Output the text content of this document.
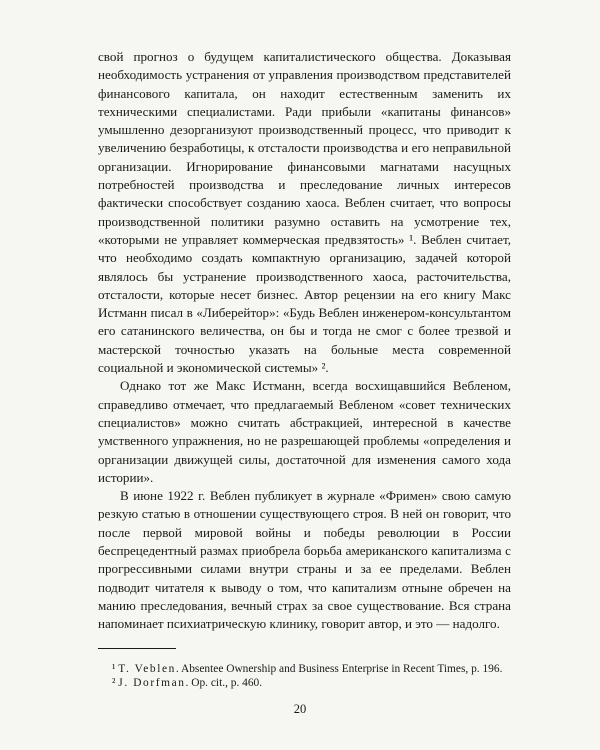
свой прогноз о будущем капиталистического общества. Доказывая необходимость устранения от управления производством представителей финансового капитала, он находит естественным заменить их техническими специалистами. Ради прибыли «капитаны финансов» умышленно дезорганизуют производственный процесс, что приводит к увеличению безработицы, к отсталости производства и его неправильной организации. Игнорирование финансовыми магнатами насущных потребностей производства и преследование личных интересов фактически способствует созданию хаоса. Веблен считает, что вопросы производственной политики разумно оставить на усмотрение тех, «которыми не управляет коммерческая предвзятость» ¹. Веблен считает, что необходимо создать компактную организацию, задачей которой являлось бы устранение производственного хаоса, расточительства, отсталости, которые несет бизнес. Автор рецензии на его книгу Макс Истманн писал в «Либерейтор»: «Будь Веблен инженером-консультантом его сатанинского величества, он бы и тогда не смог с более трезвой и мастерской точностью указать на больные места современной социальной и экономической системы» ².

Однако тот же Макс Истманн, всегда восхищавшийся Вебленом, справедливо отмечает, что предлагаемый Вебленом «совет технических специалистов» можно считать абстракцией, интересной в качестве умственного упражнения, но не разрешающей проблемы «определения и организации движущей силы, достаточной для изменения самого хода истории».

В июне 1922 г. Веблен публикует в журнале «Фримен» свою самую резкую статью в отношении существующего строя. В ней он говорит, что после первой мировой войны и победы революции в России беспрецедентный размах приобрела борьба американского капитализма с прогрессивными силами внутри страны и за ее пределами. Веблен подводит читателя к выводу о том, что капитализм отныне обречен на манию преследования, вечный страх за свое существование. Вся страна напоминает психиатрическую клинику, говорит автор, и это — надолго.

¹ T. Veblen. Absentee Ownership and Business Enterprise in Recent Times, p. 196.

² J. Dorfman. Op. cit., p. 460.

20
